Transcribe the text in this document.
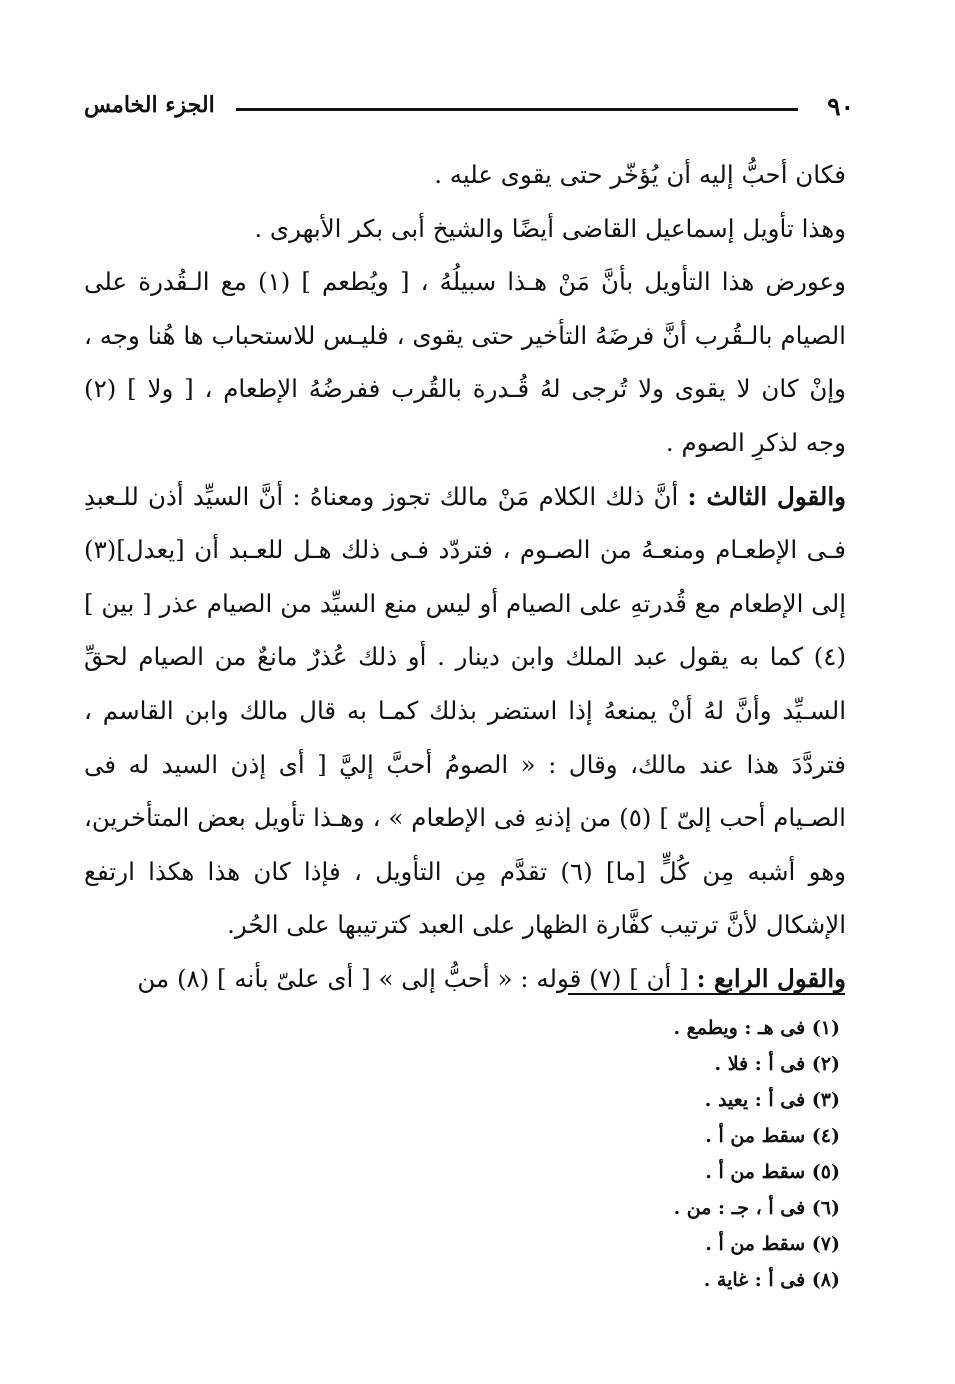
٩٠
الجزء الخامس

فكان أحبُّ إليه أن يُؤخّر حتى يقوى عليه .

وهذا تأويل إسماعيل القاضى أيضًا والشيخ أبى بكر الأبهرى .

وعورض هذا التأويل بأنَّ مَنْ هـذا سبيلُهُ ، [ ويُطعم ] (١) مع الـقُدرة على الصيام بالـقُرب أنَّ فرضَهُ التأخير حتى يقوى ، فليـس للاستحباب ها هُنا وجه ، وإنْ كان لا يقوى ولا تُرجى لهُ قُـدرة بالقُرب ففرضُهُ الإطعام ، [ ولا ] (٢) وجه لذكرِ الصوم .

والقول الثالث : أنَّ ذلك الكلام مَنْ مالك تجوز ومعناهُ : أنَّ السيِّد أذن للـعبدِ فـى الإطعـام ومنعـهُ من الصـوم ، فتردّد فـى ذلك هـل للعـبد أن [يعدل](٣) إلى الإطعام مع قُدرتهِ على الصيام أو ليس منع السيِّد من الصيام عذر [ بين ] (٤) كما به يقول عبد الملك وابن دينار . أو ذلك عُذرٌ مانعٌ من الصيام لحقِّ السـيِّد وأنَّ لهُ أنْ يمنعهُ إذا استضر بذلك كمـا به قال مالك وابن القاسم ، فتردَّدَ هذا عند مالك، وقال : « الصومُ أحبَّ إليَّ [ أى إذن السيد له فى الصـيام أحب إلىّ ] (٥) من إذنهِ فى الإطعام » ، وهـذا تأويل بعض المتأخرين، وهو أشبه مِن كُلٍّ [ما] (٦) تقدَّم مِن التأويل ، فإذا كان هذا هكذا ارتفع الإشكال لأنَّ ترتيب كفَّارة الظهار على العبد كترتيبها على الحُر.

والقول الرابع : [ أن ] (٧) قوله : « أحبُّ إلى » [ أى علىّ بأنه ] (٨) من

(١) فى هـ : ويطمع .
(٢) فى أ : فلا .
(٣) فى أ : يعيد .
(٤) سقط من أ .
(٥) سقط من أ .
(٦) فى أ ، جـ : من .
(٧) سقط من أ .
(٨) فى أ : غاية .
